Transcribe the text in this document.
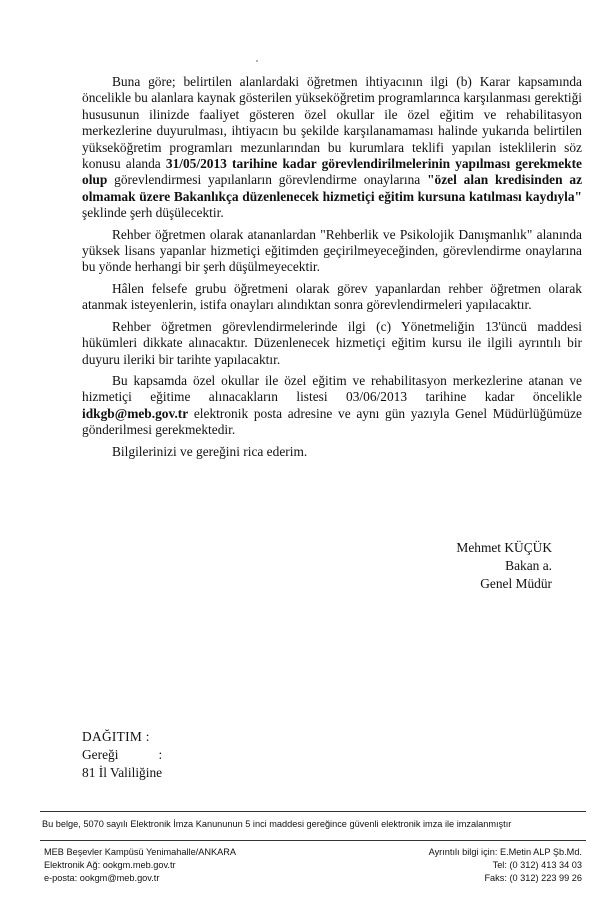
Buna göre; belirtilen alanlardaki öğretmen ihtiyacının ilgi (b) Karar kapsamında öncelikle bu alanlara kaynak gösterilen yükseköğretim programlarınca karşılanması gerektiği hususunun ilinizde faaliyet gösteren özel okullar ile özel eğitim ve rehabilitasyon merkezlerine duyurulması, ihtiyacın bu şekilde karşılanamaması halinde yukarıda belirtilen yükseköğretim programları mezunlarından bu kurumlara teklifi yapılan isteklilerin söz konusu alanda 31/05/2013 tarihine kadar görevlendirilmelerinin yapılması gerekmekte olup görevlendirmesi yapılanların görevlendirme onaylarına "özel alan kredisinden az olmamak üzere Bakanlıkça düzenlenecek hizmetiçi eğitim kursuna katılması kaydıyla" şeklinde şerh düşülecektir.

Rehber öğretmen olarak atananlardan "Rehberlik ve Psikolojik Danışmanlık" alanında yüksek lisans yapanlar hizmetiçi eğitimden geçirilmeyeceğinden, görevlendirme onaylarına bu yönde herhangi bir şerh düşülmeyecektir.

Hâlen felsefe grubu öğretmeni olarak görev yapanlardan rehber öğretmen olarak atanmak isteyenlerin, istifa onayları alındıktan sonra görevlendirmeleri yapılacaktır.

Rehber öğretmen görevlendirmelerinde ilgi (c) Yönetmeliğin 13'üncü maddesi hükümleri dikkate alınacaktır. Düzenlenecek hizmetiçi eğitim kursu ile ilgili ayrıntılı bir duyuru ileriki bir tarihte yapılacaktır.

Bu kapsamda özel okullar ile özel eğitim ve rehabilitasyon merkezlerine atanan ve hizmetiçi eğitime alınacakların listesi 03/06/2013 tarihine kadar öncelikle idkgb@meb.gov.tr elektronik posta adresine ve aynı gün yazıyla Genel Müdürlüğümüze gönderilmesi gerekmektedir.

Bilgilerinizi ve gereğini rica ederim.

Mehmet KÜÇÜK
Bakan a.
Genel Müdür
DAĞITIM :
Gereği	:
81 İl Valiliğine
Bu belge, 5070 sayılı Elektronik İmza Kanununun 5 inci maddesi gereğince güvenli elektronik imza ile imzalanmıştır
MEB Beşevler Kampüsü Yenimahalle/ANKARA
Elektronik Ağ: ookgm.meb.gov.tr
e-posta: ookgm@meb.gov.tr
Ayrıntılı bilgi için: E.Metin ALP Şb.Md.
Tel: (0 312) 413 34 03
Faks: (0 312) 223 99 26
